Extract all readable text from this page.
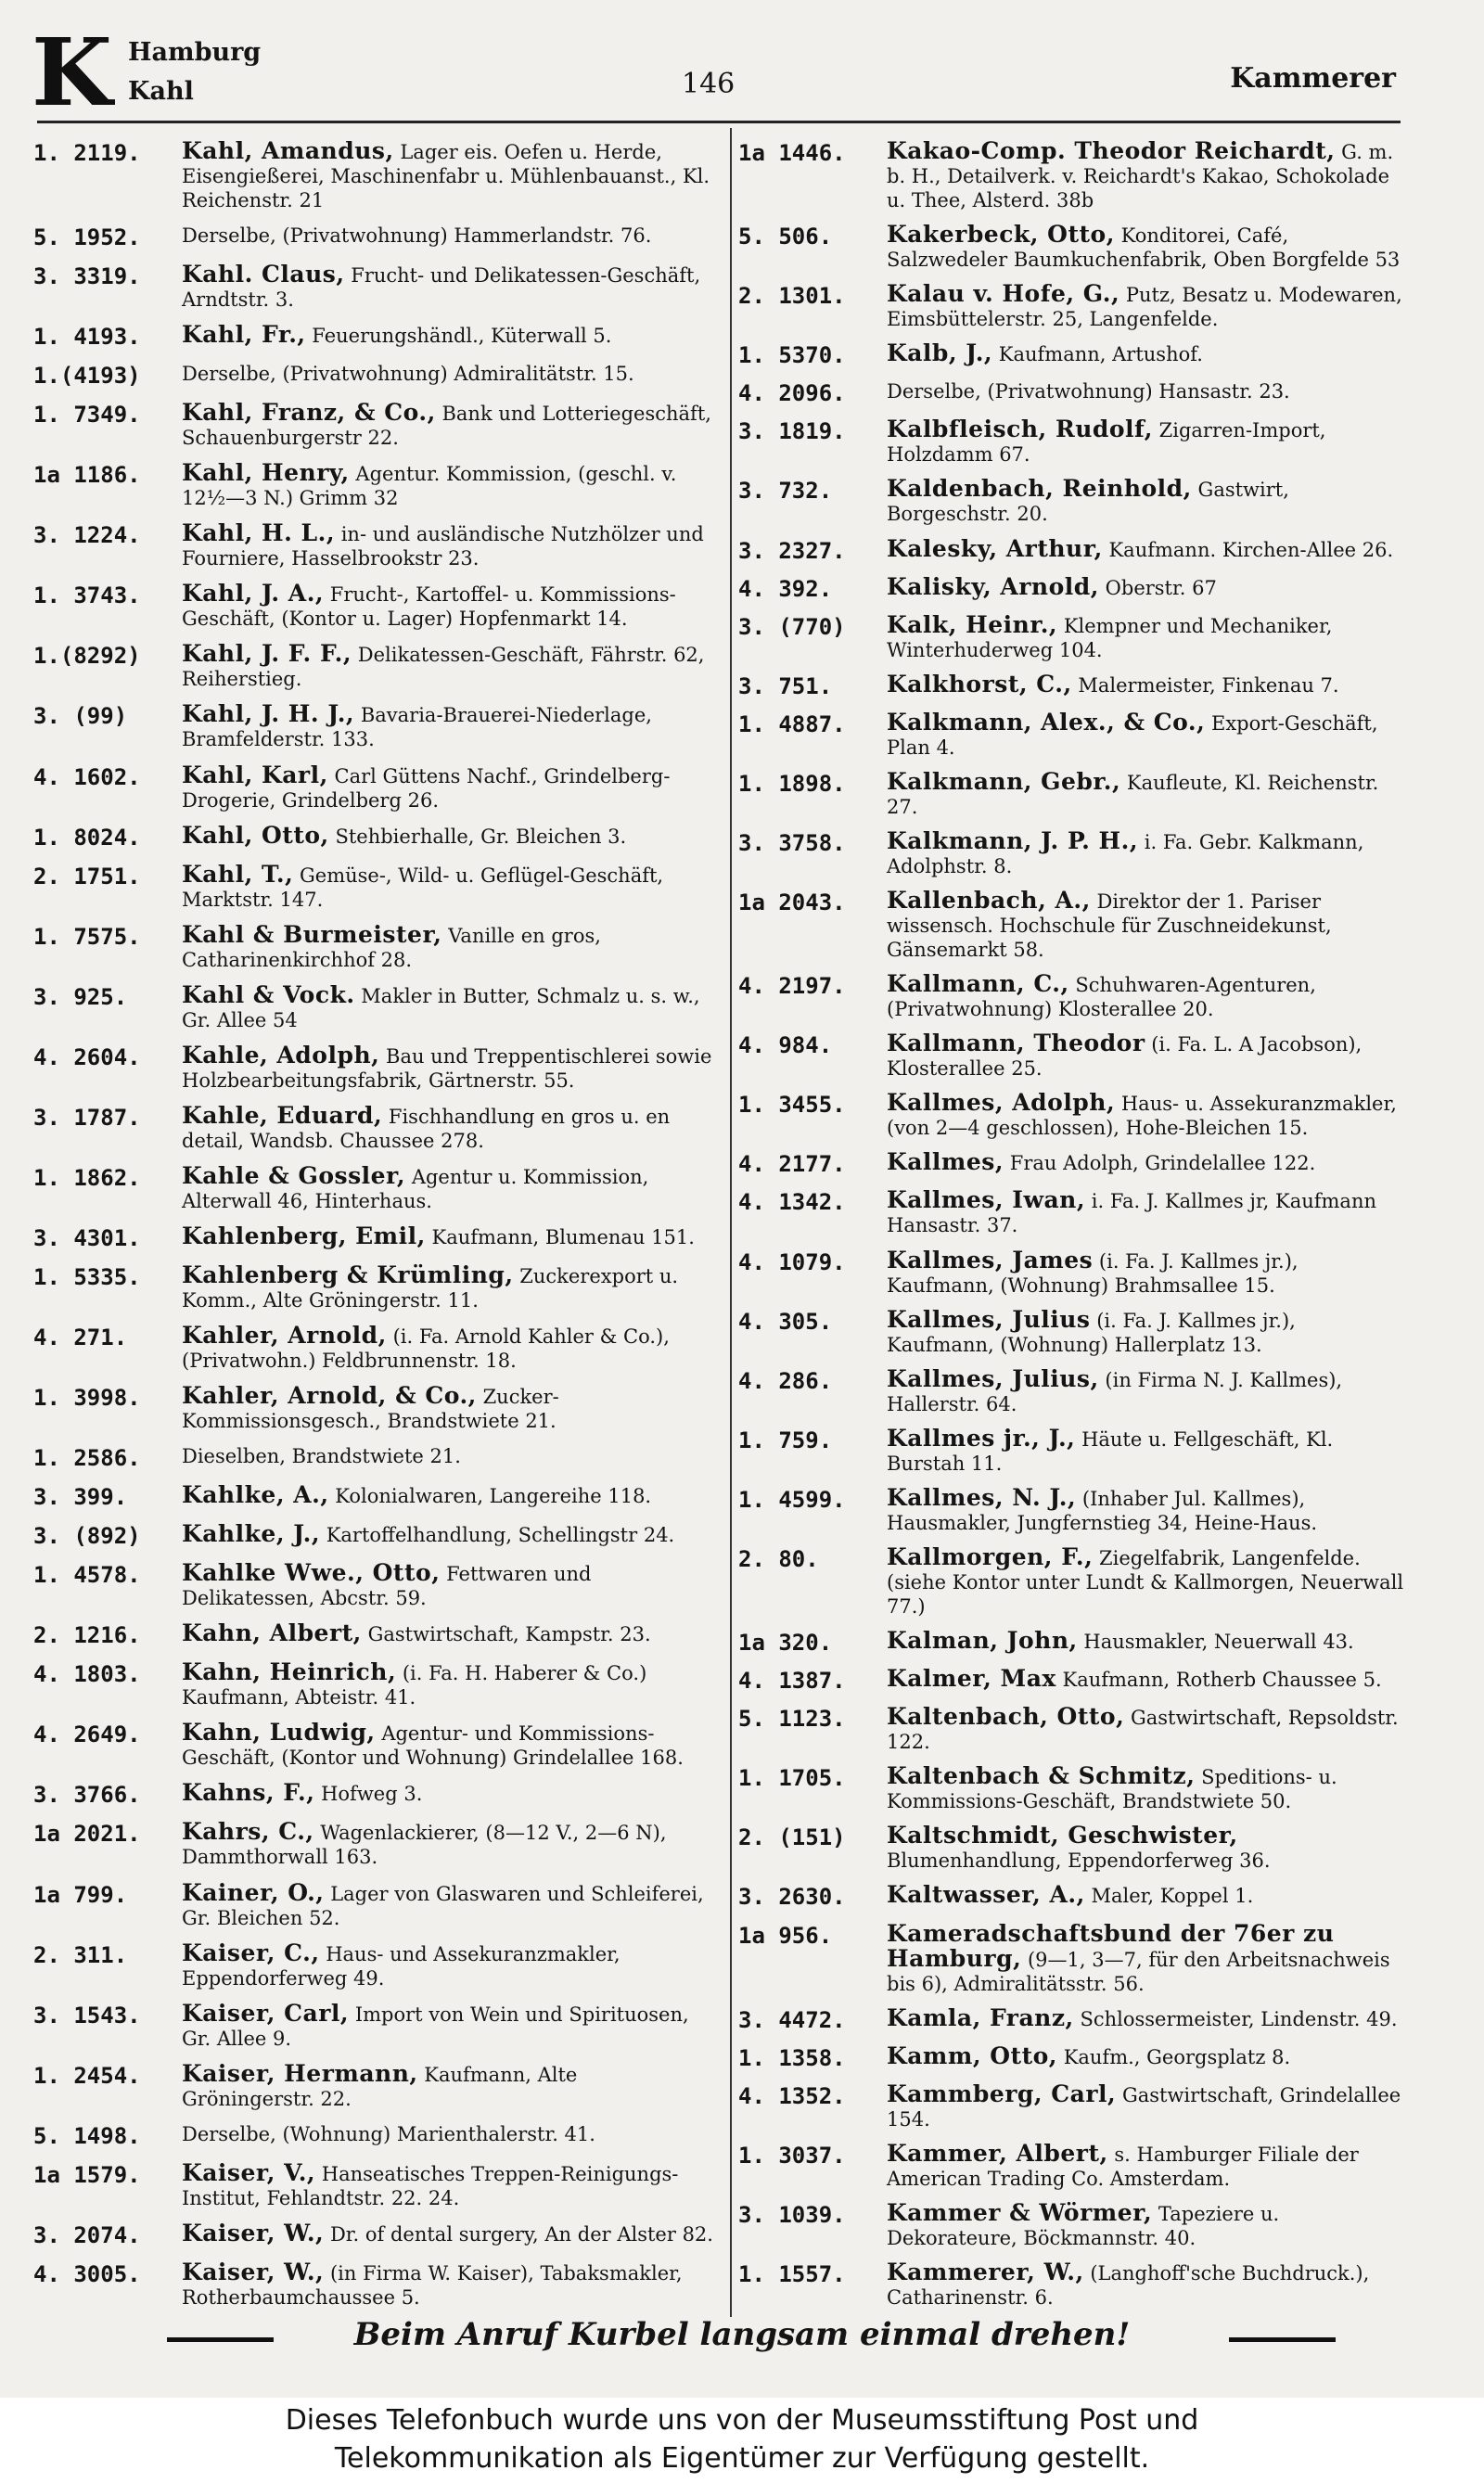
K Hamburg
Kahl	146	Kammerer
1. 2119.	Kahl, Amandus, Lager eis. Oefen u. Herde, Eisengießerei, Maschinenfabr u. Mühlenbauanst., Kl. Reichenstr. 21
5. 1952.	Derselbe, (Privatwohnung) Hammerlandstr. 76.
3. 3319.	Kahl. Claus, Frucht- und Delikatessen-Geschäft, Arndtstr. 3.
1. 4193.	Kahl, Fr., Feuerungshändl., Küterwall 5.
1.(4193)	Derselbe, (Privatwohnung) Admiralitätstr. 15.
1. 7349.	Kahl, Franz, & Co., Bank und Lotteriegeschäft, Schauenburgerstr 22.
1a 1186.	Kahl, Henry, Agentur. Kommission, (geschl. v. 12½—3 N.) Grimm 32
3. 1224.	Kahl, H. L., in- und ausländische Nutzhölzer und Fourniere, Hasselbrookstr 23.
1. 3743.	Kahl, J. A., Frucht-, Kartoffel- u. Kommissions-Geschäft, (Kontor u. Lager) Hopfenmarkt 14.
1.(8292)	Kahl, J. F. F., Delikatessen-Geschäft, Fährstr. 62, Reiherstieg.
3. (99)	Kahl, J. H. J., Bavaria-Brauerei-Niederlage, Bramfelderstr. 133.
4. 1602.	Kahl, Karl, Carl Güttens Nachf., Grindelberg-Drogerie, Grindelberg 26.
1. 8024.	Kahl, Otto, Stehbierhalle, Gr. Bleichen 3.
2. 1751.	Kahl, T., Gemüse-, Wild- u. Geflügel-Geschäft, Marktstr. 147.
1. 7575.	Kahl & Burmeister, Vanille en gros, Catharinenkirchhof 28.
3. 925.	Kahl & Vock. Makler in Butter, Schmalz u. s. w., Gr. Allee 54
4. 2604.	Kahle, Adolph, Bau und Treppentischlerei sowie Holzbearbeitungsfabrik, Gärtnerstr. 55.
3. 1787.	Kahle, Eduard, Fischhandlung en gros u. en detail, Wandsb. Chaussee 278.
1. 1862.	Kahle & Gossler, Agentur u. Kommission, Alterwall 46, Hinterhaus.
3. 4301.	Kahlenberg, Emil, Kaufmann, Blumenau 151.
1. 5335.	Kahlenberg & Krümling, Zuckerexport u. Komm., Alte Gröningerstr. 11.
4. 271.	Kahler, Arnold, (i. Fa. Arnold Kahler & Co.), (Privatwohn.) Feldbrunnenstr. 18.
1. 3998.	Kahler, Arnold, & Co., Zucker-Kommissionsgesch., Brandstwiete 21.
1. 2586.	Dieselben, Brandstwiete 21.
3. 399.	Kahlke, A., Kolonialwaren, Langereihe 118.
3. (892)	Kahlke, J., Kartoffelhandlung, Schellingstr 24.
1. 4578.	Kahlke Wwe., Otto, Fettwaren und Delikatessen, Abcstr. 59.
2. 1216.	Kahn, Albert, Gastwirtschaft, Kampstr. 23.
4. 1803.	Kahn, Heinrich, (i. Fa. H. Haberer & Co.) Kaufmann, Abteistr. 41.
4. 2649.	Kahn, Ludwig, Agentur- und Kommissions-Geschäft, (Kontor und Wohnung) Grindelallee 168.
3. 3766.	Kahns, F., Hofweg 3.
1a 2021.	Kahrs, C., Wagenlackierer, (8—12 V., 2—6 N), Dammthorwall 163.
1a 799.	Kainer, O., Lager von Glaswaren und Schleiferei, Gr. Bleichen 52.
2. 311.	Kaiser, C., Haus- und Assekuranzmakler, Eppendorferweg 49.
3. 1543.	Kaiser, Carl, Import von Wein und Spirituosen, Gr. Allee 9.
1. 2454.	Kaiser, Hermann, Kaufmann, Alte Gröningerstr. 22.
5. 1498.	Derselbe, (Wohnung) Marienthalerstr. 41.
1a 1579.	Kaiser, V., Hanseatisches Treppen-Reinigungs-Institut, Fehlandtstr. 22. 24.
3. 2074.	Kaiser, W., Dr. of dental surgery, An der Alster 82.
4. 3005.	Kaiser, W., (in Firma W. Kaiser), Tabaksmakler, Rotherbaumchaussee 5.
1a 1446.	Kakao-Comp. Theodor Reichardt, G. m. b. H., Detailverk. v. Reichardt's Kakao, Schokolade u. Thee, Alsterd. 38b
5. 506.	Kakerbeck, Otto, Konditorei, Café, Salzwedeler Baumkuchenfabrik, Oben Borgfelde 53
2. 1301.	Kalau v. Hofe, G., Putz, Besatz u. Modewaren, Eimsbüttelerstr. 25, Langenfelde.
1. 5370.	Kalb, J., Kaufmann, Artushof.
4. 2096.	Derselbe, (Privatwohnung) Hansastr. 23.
3. 1819.	Kalbfleisch, Rudolf, Zigarren-Import, Holzdamm 67.
3. 732.	Kaldenbach, Reinhold, Gastwirt, Borgeschstr. 20.
3. 2327.	Kalesky, Arthur, Kaufmann. Kirchen-Allee 26.
4. 392.	Kalisky, Arnold, Oberstr. 67
3. (770)	Kalk, Heinr., Klempner und Mechaniker, Winterhuderweg 104.
3. 751.	Kalkhorst, C., Malermeister, Finkenau 7.
1. 4887.	Kalkmann, Alex., & Co., Export-Geschäft, Plan 4.
1. 1898.	Kalkmann, Gebr., Kaufleute, Kl. Reichenstr. 27.
3. 3758.	Kalkmann, J. P. H., i. Fa. Gebr. Kalkmann, Adolphstr. 8.
1a 2043.	Kallenbach, A., Direktor der 1. Pariser wissensch. Hochschule für Zuschneidekunst, Gänsemarkt 58.
4. 2197.	Kallmann, C., Schuhwaren-Agenturen, (Privatwohnung) Klosterallee 20.
4. 984.	Kallmann, Theodor (i. Fa. L. A Jacobson), Klosterallee 25.
1. 3455.	Kallmes, Adolph, Haus- u. Assekuranzmakler, (von 2—4 geschlossen), Hohe-Bleichen 15.
4. 2177.	Kallmes, Frau Adolph, Grindelallee 122.
4. 1342.	Kallmes, Iwan, i. Fa. J. Kallmes jr, Kaufmann Hansastr. 37.
4. 1079.	Kallmes, James (i. Fa. J. Kallmes jr.), Kaufmann, (Wohnung) Brahmsallee 15.
4. 305.	Kallmes, Julius (i. Fa. J. Kallmes jr.), Kaufmann, (Wohnung) Hallerplatz 13.
4. 286.	Kallmes, Julius, (in Firma N. J. Kallmes), Hallerstr. 64.
1. 759.	Kallmes jr., J., Häute u. Fellgeschäft, Kl. Burstah 11.
1. 4599.	Kallmes, N. J., (Inhaber Jul. Kallmes), Hausmakler, Jungfernstieg 34, Heine-Haus.
2. 80.	Kallmorgen, F., Ziegelfabrik, Langenfelde. (siehe Kontor unter Lundt & Kallmorgen, Neuerwall 77.)
1a 320.	Kalman, John, Hausmakler, Neuerwall 43.
4. 1387.	Kalmer, Max Kaufmann, Rotherb Chaussee 5.
5. 1123.	Kaltenbach, Otto, Gastwirtschaft, Repsoldstr. 122.
1. 1705.	Kaltenbach & Schmitz, Speditions- u. Kommissions-Geschäft, Brandstwiete 50.
2. (151)	Kaltschmidt, Geschwister, Blumenhandlung, Eppendorferweg 36.
3. 2630.	Kaltwasser, A., Maler, Koppel 1.
1a 956.	Kameradschaftsbund der 76er zu Hamburg, (9—1, 3—7, für den Arbeitsnachweis bis 6), Admiralitätsstr. 56.
3. 4472.	Kamla, Franz, Schlossermeister, Lindenstr. 49.
1. 1358.	Kamm, Otto, Kaufm., Georgsplatz 8.
4. 1352.	Kammberg, Carl, Gastwirtschaft, Grindelallee 154.
1. 3037.	Kammer, Albert, s. Hamburger Filiale der American Trading Co. Amsterdam.
3. 1039.	Kammer & Wörmer, Tapeziere u. Dekorateure, Böckmannstr. 40.
1. 1557.	Kammerer, W., (Langhoff'sche Buchdruck.), Catharinenstr. 6.
Beim Anruf Kurbel langsam einmal drehen!
Dieses Telefonbuch wurde uns von der Museumsstiftung Post und
Telekommunikation als Eigentümer zur Verfügung gestellt.
